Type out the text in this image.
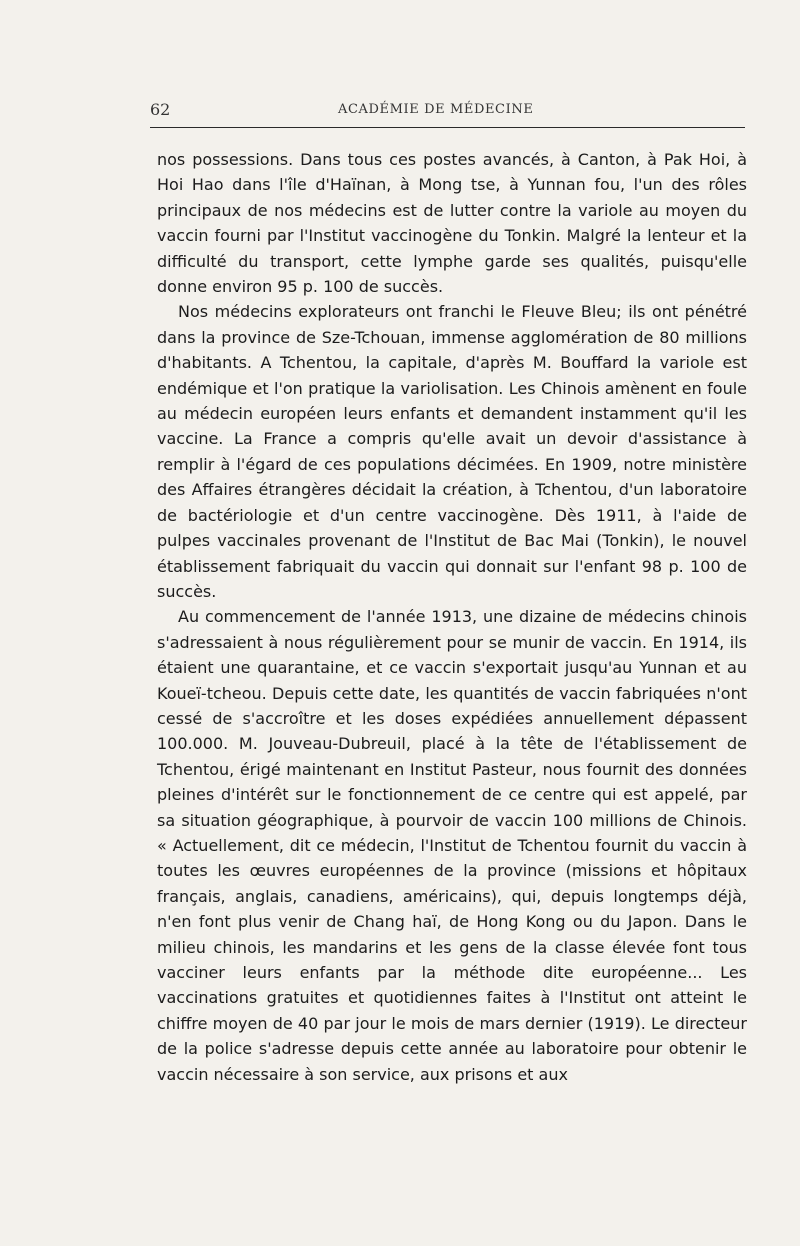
62	ACADÉMIE DE MÉDECINE

nos possessions. Dans tous ces postes avancés, à Canton, à Pak Hoi, à Hoi Hao dans l'île d'Haïnan, à Mong tse, à Yunnan fou, l'un des rôles principaux de nos médecins est de lutter contre la variole au moyen du vaccin fourni par l'Institut vaccinogène du Tonkin. Malgré la lenteur et la difficulté du transport, cette lymphe garde ses qualités, puisqu'elle donne environ 95 p. 100 de succès.

Nos médecins explorateurs ont franchi le Fleuve Bleu; ils ont pénétré dans la province de Sze-Tchouan, immense agglomération de 80 millions d'habitants. A Tchentou, la capitale, d'après M. Bouffard la variole est endémique et l'on pratique la variolisation. Les Chinois amènent en foule au médecin européen leurs enfants et demandent instamment qu'il les vaccine. La France a compris qu'elle avait un devoir d'assistance à remplir à l'égard de ces populations décimées. En 1909, notre ministère des Affaires étrangères décidait la création, à Tchentou, d'un laboratoire de bactériologie et d'un centre vaccinogène. Dès 1911, à l'aide de pulpes vaccinales provenant de l'Institut de Bac Mai (Tonkin), le nouvel établissement fabriquait du vaccin qui donnait sur l'enfant 98 p. 100 de succès.

Au commencement de l'année 1913, une dizaine de médecins chinois s'adressaient à nous régulièrement pour se munir de vaccin. En 1914, ils étaient une quarantaine, et ce vaccin s'exportait jusqu'au Yunnan et au Koueï-tcheou. Depuis cette date, les quantités de vaccin fabriquées n'ont cessé de s'accroître et les doses expédiées annuellement dépassent 100.000. M. Jouveau-Dubreuil, placé à la tête de l'établissement de Tchentou, érigé maintenant en Institut Pasteur, nous fournit des données pleines d'intérêt sur le fonctionnement de ce centre qui est appelé, par sa situation géographique, à pourvoir de vaccin 100 millions de Chinois. « Actuellement, dit ce médecin, l'Institut de Tchentou fournit du vaccin à toutes les œuvres européennes de la province (missions et hôpitaux français, anglais, canadiens, américains), qui, depuis longtemps déjà, n'en font plus venir de Chang haï, de Hong Kong ou du Japon. Dans le milieu chinois, les mandarins et les gens de la classe élevée font tous vacciner leurs enfants par la méthode dite européenne... Les vaccinations gratuites et quotidiennes faites à l'Institut ont atteint le chiffre moyen de 40 par jour le mois de mars dernier (1919). Le directeur de la police s'adresse depuis cette année au laboratoire pour obtenir le vaccin nécessaire à son service, aux prisons et aux
